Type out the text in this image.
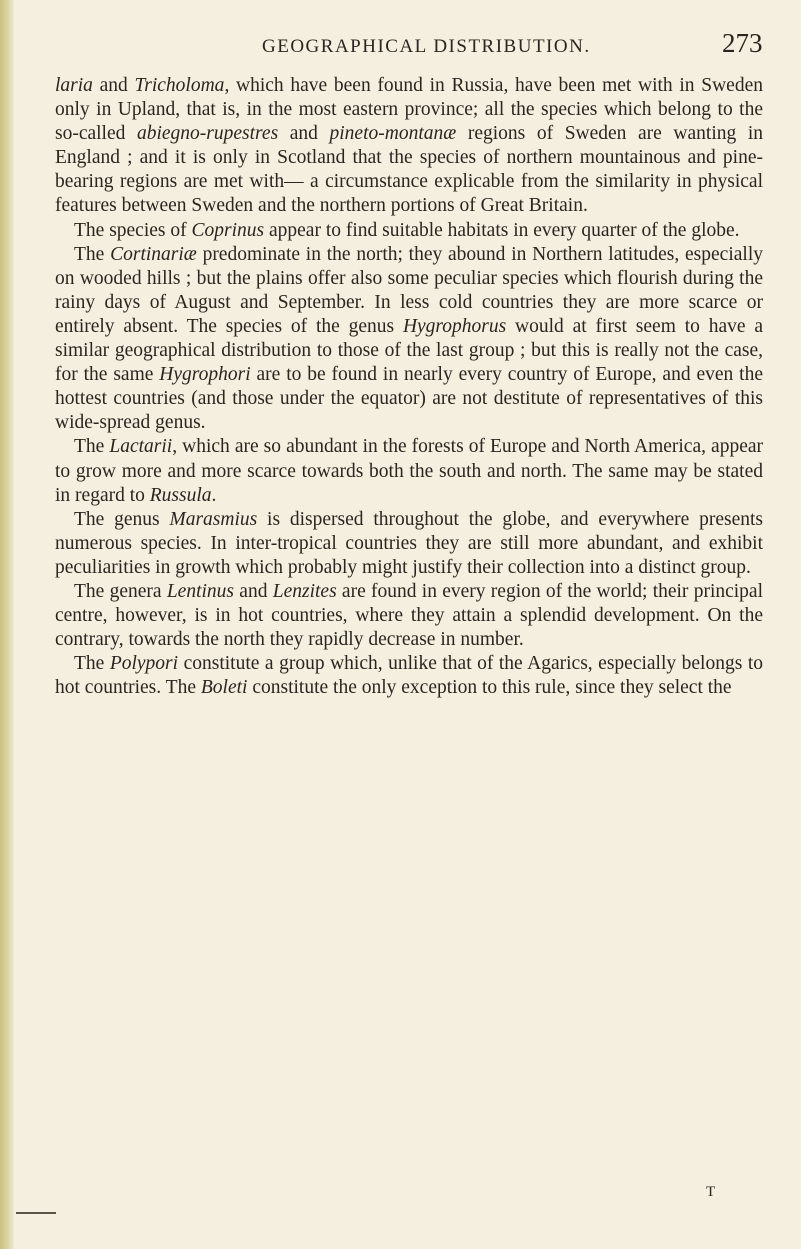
GEOGRAPHICAL DISTRIBUTION.	273

laria and Tricholoma, which have been found in Russia, have been met with in Sweden only in Upland, that is, in the most eastern province; all the species which belong to the so-called abiegno-rupestres and pineto-montanæ regions of Sweden are wanting in England ; and it is only in Scotland that the species of northern mountainous and pine-bearing regions are met with— a circumstance explicable from the similarity in physical features between Sweden and the northern portions of Great Britain.

The species of Coprinus appear to find suitable habitats in every quarter of the globe.

The Cortinariæ predominate in the north; they abound in Northern latitudes, especially on wooded hills ; but the plains offer also some peculiar species which flourish during the rainy days of August and September. In less cold countries they are more scarce or entirely absent. The species of the genus Hygrophorus would at first seem to have a similar geographical distribution to those of the last group ; but this is really not the case, for the same Hygrophori are to be found in nearly every country of Europe, and even the hottest countries (and those under the equator) are not destitute of representatives of this wide-spread genus.

The Lactarii, which are so abundant in the forests of Europe and North America, appear to grow more and more scarce towards both the south and north. The same may be stated in regard to Russula.

The genus Marasmius is dispersed throughout the globe, and everywhere presents numerous species. In inter-tropical countries they are still more abundant, and exhibit peculiarities in growth which probably might justify their collection into a distinct group.

The genera Lentinus and Lenzites are found in every region of the world; their principal centre, however, is in hot countries, where they attain a splendid development. On the contrary, towards the north they rapidly decrease in number.

The Polypori constitute a group which, unlike that of the Agarics, especially belongs to hot countries. The Boleti constitute the only exception to this rule, since they select the

T
